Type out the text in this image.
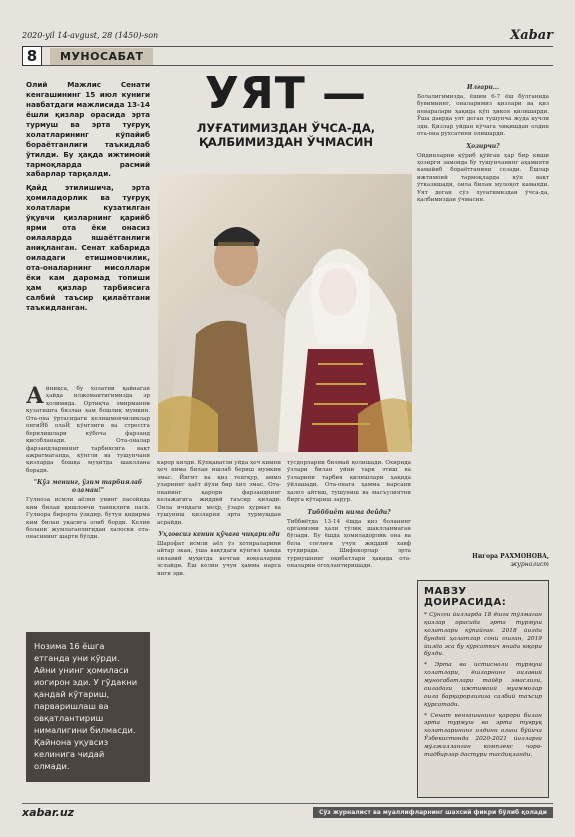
2020-yil 14-avgust, 28 (1450)-son	Xabar
8	МУНОСАБАТ

Олий Мажлис Сенати кенгашининг 15 июл куниги навбатдаги мажлисида 13-14 ёшли қизлар орасида эрта турмуш ва эрта туғруқ холатларининг кўпайиб бораётганлиги таъкидлаб ўтилди. Бу ҳақда ижтимоий тармоқларда расмий хабарлар тарқалди.

Қайд этилишича, эрта ҳомиладорлик ва туғруқ холатлари кузатилган ўқувчи қизларнинг қарийб ярми ота ёки онасиз оилаларда яшаётганлиги аниқланган. Сенат хабарида оиладаги етишмовчилик, ота-оналарнинг мисоллари ёки кам даромад топиши ҳам қизлар тарбиясига салбий таъсир қилаётгани таъкидланган.

УЯТ —
ЛУҒАТИМИЗДАН ЎЧСА-ДА, ҚАЛБИМИЗДАН ЎЧМАСИН
А йниқса, бу холатни қайнаган ҳайда илжомаитигимизда эр ҳолимида. Ортиқча эмирманни кузатишга бизлан ҳам бошлиқ мумкин. Ота-она ўртасидаги келишмовчиликлар онгиЙб олаЙ кўнглиги ва стрессга берилишлари кўбоча фарзанд қисобланади. Ота-оналар фарзандларининг тарбиясига вақт ажратмаганда, кўнгли ва тушунчани қизларда бошқа муҳитда шакллана боради.

"Кўз менинг, ўзим тарбиялаб оламан!"

Гулноза исмли аёлни унинг пасойида ким билан қишловчи таниқлиги паск. Гулнора бирорта ўзидир, бутун қидирма ким билан уқасига олиб борди. Келин болани жумлаганлигидан халоски ота-онасининг шарти бўлди.

Нозима 16 ёшга етганда уни кўрди. Айни унинг ҳомиласи иогирон эди. У гўдакни қандай кўтариш, парваришлаш ва овқатлантириш нималигини билмасди. Қайнона уқувсиз келинига чидай олмади.

карор килди. Кўпқаватли уйда ҳеч кимни ҳеч нима билан ишлаб бериш мумкин эмас. Йигит ва қиз тенгқур, аммо уларнинг ҳаёт йўли бир хил эмас. Ота-онанинг қарори фарзанднинг келажагига жиддий таъсир қилади. Оила ичидаги меҳр, ўзаро ҳурмат ва тушуниш қизларни эрта турмушдан асрайди.

Уҳловсиз кенин қўчага чиқарилди

Шарофат исмли аёл ўз хотираларини айтар экан, ўша вақтдаги кўнгил ҳамда оилавий муҳитда кечган воқеаларни эслайди. Ёш келин учун ҳамма нарса янги эди.

тусдорларни билмай қолишади. Охирида ўзлари билан уйни тарк этиш ва ўзларини тарбия қилишлари ҳақида ўйлашади. Ота-онага ҳамма нарсани ҳалол айтиш, тушуниш ва масъулиятни бирга кўтариш зарур.

Тибббиёт нима дейди?

Тиббиётда 13-14 ёшда қиз боланинг организми ҳали тўлиқ шаклланмаган бўлади. Бу ёшда ҳомиладорлик она ва бола соғлиғи учун жиддий хавф туғдиради. Шифокорлар эрта турмушнинг оқибатлари ҳақида ота-оналарни огоҳлантиришади.

Илгари...

Болалигимизда, ёшим 6-7 ёш бўлганида бувимнинг, оналаримиз қизлари ва қиз неваралари ҳақида кўп ҳикоя қилишарди. Ўша даврда уят деган тушунча жуда кучли эди. Қизлар уйдан кўчага чиқишдан олдин ота-она рухсатини олишарди.

Ҳозирчи?

Ойдинларни кўриб қўйган ҳар бир киши ҳозирги замонда бу тушунчанинг аҳамияти камайиб бораётганини сезади. Ёшлар ижтимоий тармоқларда кўп вақт ўтказишади, оила билан мулоқот камаяди. Уят деган сўз луғатимиздан ўчса-да, қалбимиздан ўчмасин.

Нигора РАХМОНОВА,
журналист
МАВЗУ ДОИРАСИДА:

* Сўнгги йилларда 18 ёшга тўлмаган қизлар орасида эрта турмуш холатлари кўпайган. 2018 йилда бундай ҳолатлар сони ошган, 2019 йилда эса бу кўрсаткич янада юқори бўлди.

* Эрта ва истисноли турмуш холатлари, ёшларнинг оилавий муносабатлари тайёр эмаслиги, оиладаги ижтимоий муаммолар оила барқарорлигига салбий таъсир кўрсатади.

* Сенат кенгашининг қарори билан эрта турмуш ва эрта туғруқ холатларининг олдини олиш бўйича Ўзбекистонда 2020-2021 йилларга мўлжалланган комплекс чора-тадбирлар дастури тасдиқланди.

xabar.uz	Сўз журналист ва муаллифларнинг шахсий фикри бўлиб қолади
